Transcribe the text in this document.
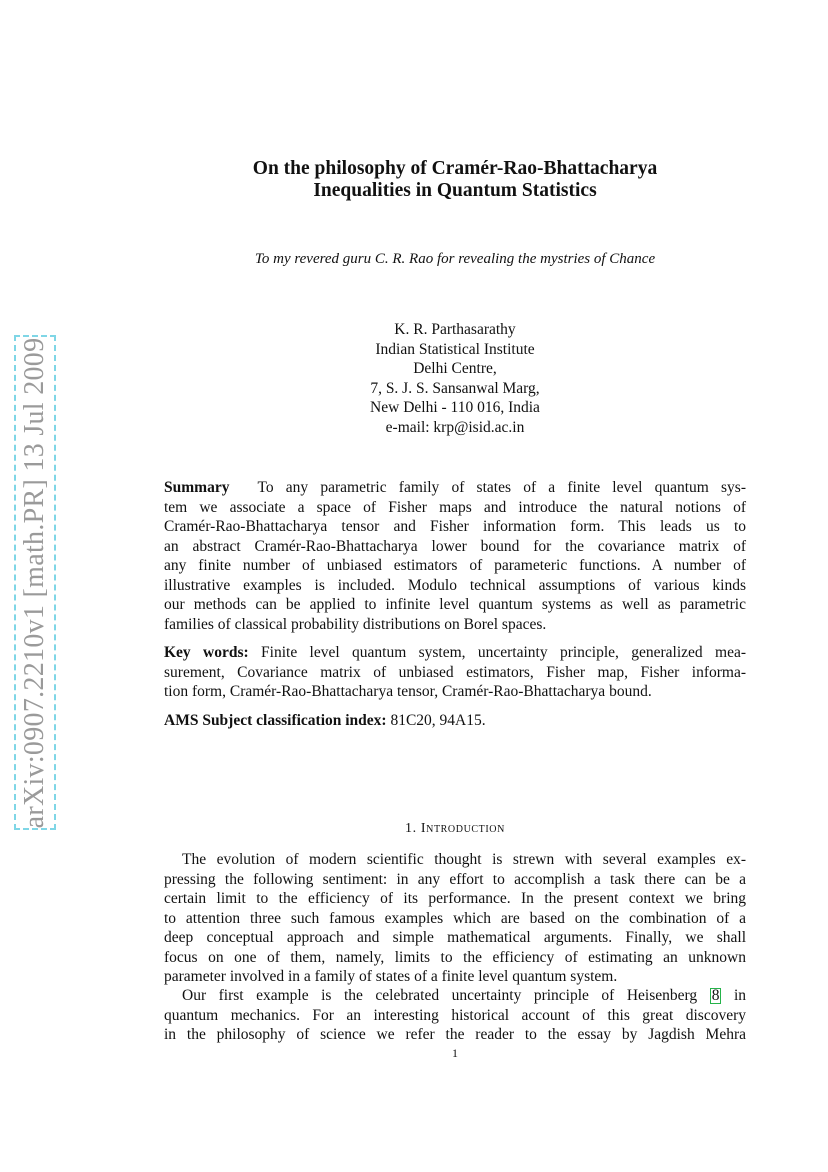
arXiv:0907.2210v1 [math.PR] 13 Jul 2009
On the philosophy of Cramér-Rao-Bhattacharya
Inequalities in Quantum Statistics
To my revered guru C. R. Rao for revealing the mystries of Chance
K. R. Parthasarathy
Indian Statistical Institute
Delhi Centre,
7, S. J. S. Sansanwal Marg,
New Delhi - 110 016, India
e-mail: krp@isid.ac.in
Summary To any parametric family of states of a finite level quantum sys-
tem we associate a space of Fisher maps and introduce the natural notions of
Cramér-Rao-Bhattacharya tensor and Fisher information form. This leads us to
an abstract Cramér-Rao-Bhattacharya lower bound for the covariance matrix of
any finite number of unbiased estimators of parameteric functions. A number of
illustrative examples is included. Modulo technical assumptions of various kinds
our methods can be applied to infinite level quantum systems as well as parametric
families of classical probability distributions on Borel spaces.
Key words: Finite level quantum system, uncertainty principle, generalized mea-
surement, Covariance matrix of unbiased estimators, Fisher map, Fisher informa-
tion form, Cramér-Rao-Bhattacharya tensor, Cramér-Rao-Bhattacharya bound.
AMS Subject classification index: 81C20, 94A15.
1. Introduction
The evolution of modern scientific thought is strewn with several examples ex-
pressing the following sentiment: in any effort to accomplish a task there can be a
certain limit to the efficiency of its performance. In the present context we bring
to attention three such famous examples which are based on the combination of a
deep conceptual approach and simple mathematical arguments. Finally, we shall
focus on one of them, namely, limits to the efficiency of estimating an unknown
parameter involved in a family of states of a finite level quantum system.
Our first example is the celebrated uncertainty principle of Heisenberg 8 in
quantum mechanics. For an interesting historical account of this great discovery
in the philosophy of science we refer the reader to the essay by Jagdish Mehra
1
